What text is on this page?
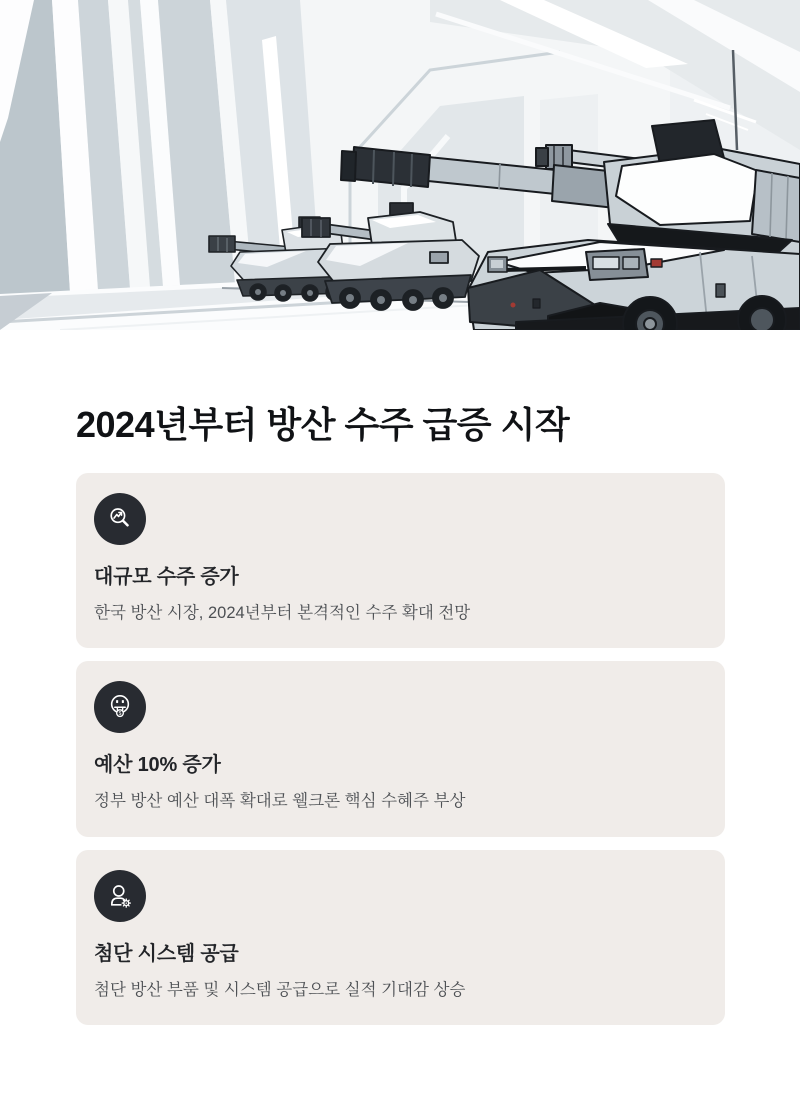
2024년부터 방산 수주 급증 시작
대규모 수주 증가

한국 방산 시장, 2024년부터 본격적인 수주 확대 전망

$
예산 10% 증가

정부 방산 예산 대폭 확대로 웰크론 핵심 수혜주 부상

첨단 시스템 공급

첨단 방산 부품 및 시스템 공급으로 실적 기대감 상승
